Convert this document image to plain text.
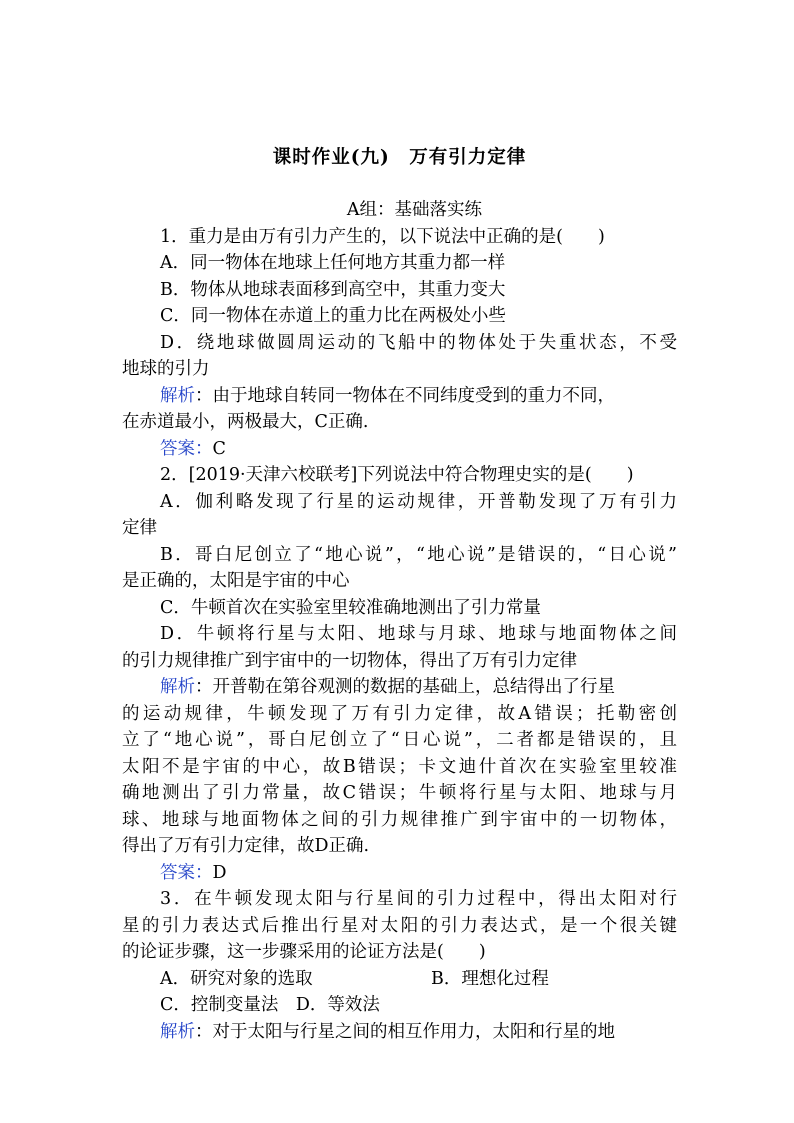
课时作业(九)　万有引力定律
A组：基础落实练
1．重力是由万有引力产生的，以下说法中正确的是(　　)
A．同一物体在地球上任何地方其重力都一样
B．物体从地球表面移到高空中，其重力变大
C．同一物体在赤道上的重力比在两极处小些
D．绕地球做圆周运动的飞船中的物体处于失重状态，不受
地球的引力
解析：由于地球自转同一物体在不同纬度受到的重力不同，
在赤道最小，两极最大，C正确.
答案：C
2．[2019·天津六校联考]下列说法中符合物理史实的是(　　)
A．伽利略发现了行星的运动规律，开普勒发现了万有引力
定律
B．哥白尼创立了“地心说”，“地心说”是错误的，“日心说”
是正确的，太阳是宇宙的中心
C．牛顿首次在实验室里较准确地测出了引力常量
D．牛顿将行星与太阳、地球与月球、地球与地面物体之间
的引力规律推广到宇宙中的一切物体，得出了万有引力定律
解析：开普勒在第谷观测的数据的基础上，总结得出了行星
的运动规律，牛顿发现了万有引力定律，故A错误；托勒密创
立了“地心说”，哥白尼创立了“日心说”，二者都是错误的，且
太阳不是宇宙的中心，故B错误；卡文迪什首次在实验室里较准
确地测出了引力常量，故C错误；牛顿将行星与太阳、地球与月
球、地球与地面物体之间的引力规律推广到宇宙中的一切物体，
得出了万有引力定律，故D正确.
答案：D
3．在牛顿发现太阳与行星间的引力过程中，得出太阳对行
星的引力表达式后推出行星对太阳的引力表达式，是一个很关键
的论证步骤，这一步骤采用的论证方法是(　　)
A．研究对象的选取	B．理想化过程
C．控制变量法　D．等效法
解析：对于太阳与行星之间的相互作用力，太阳和行星的地
